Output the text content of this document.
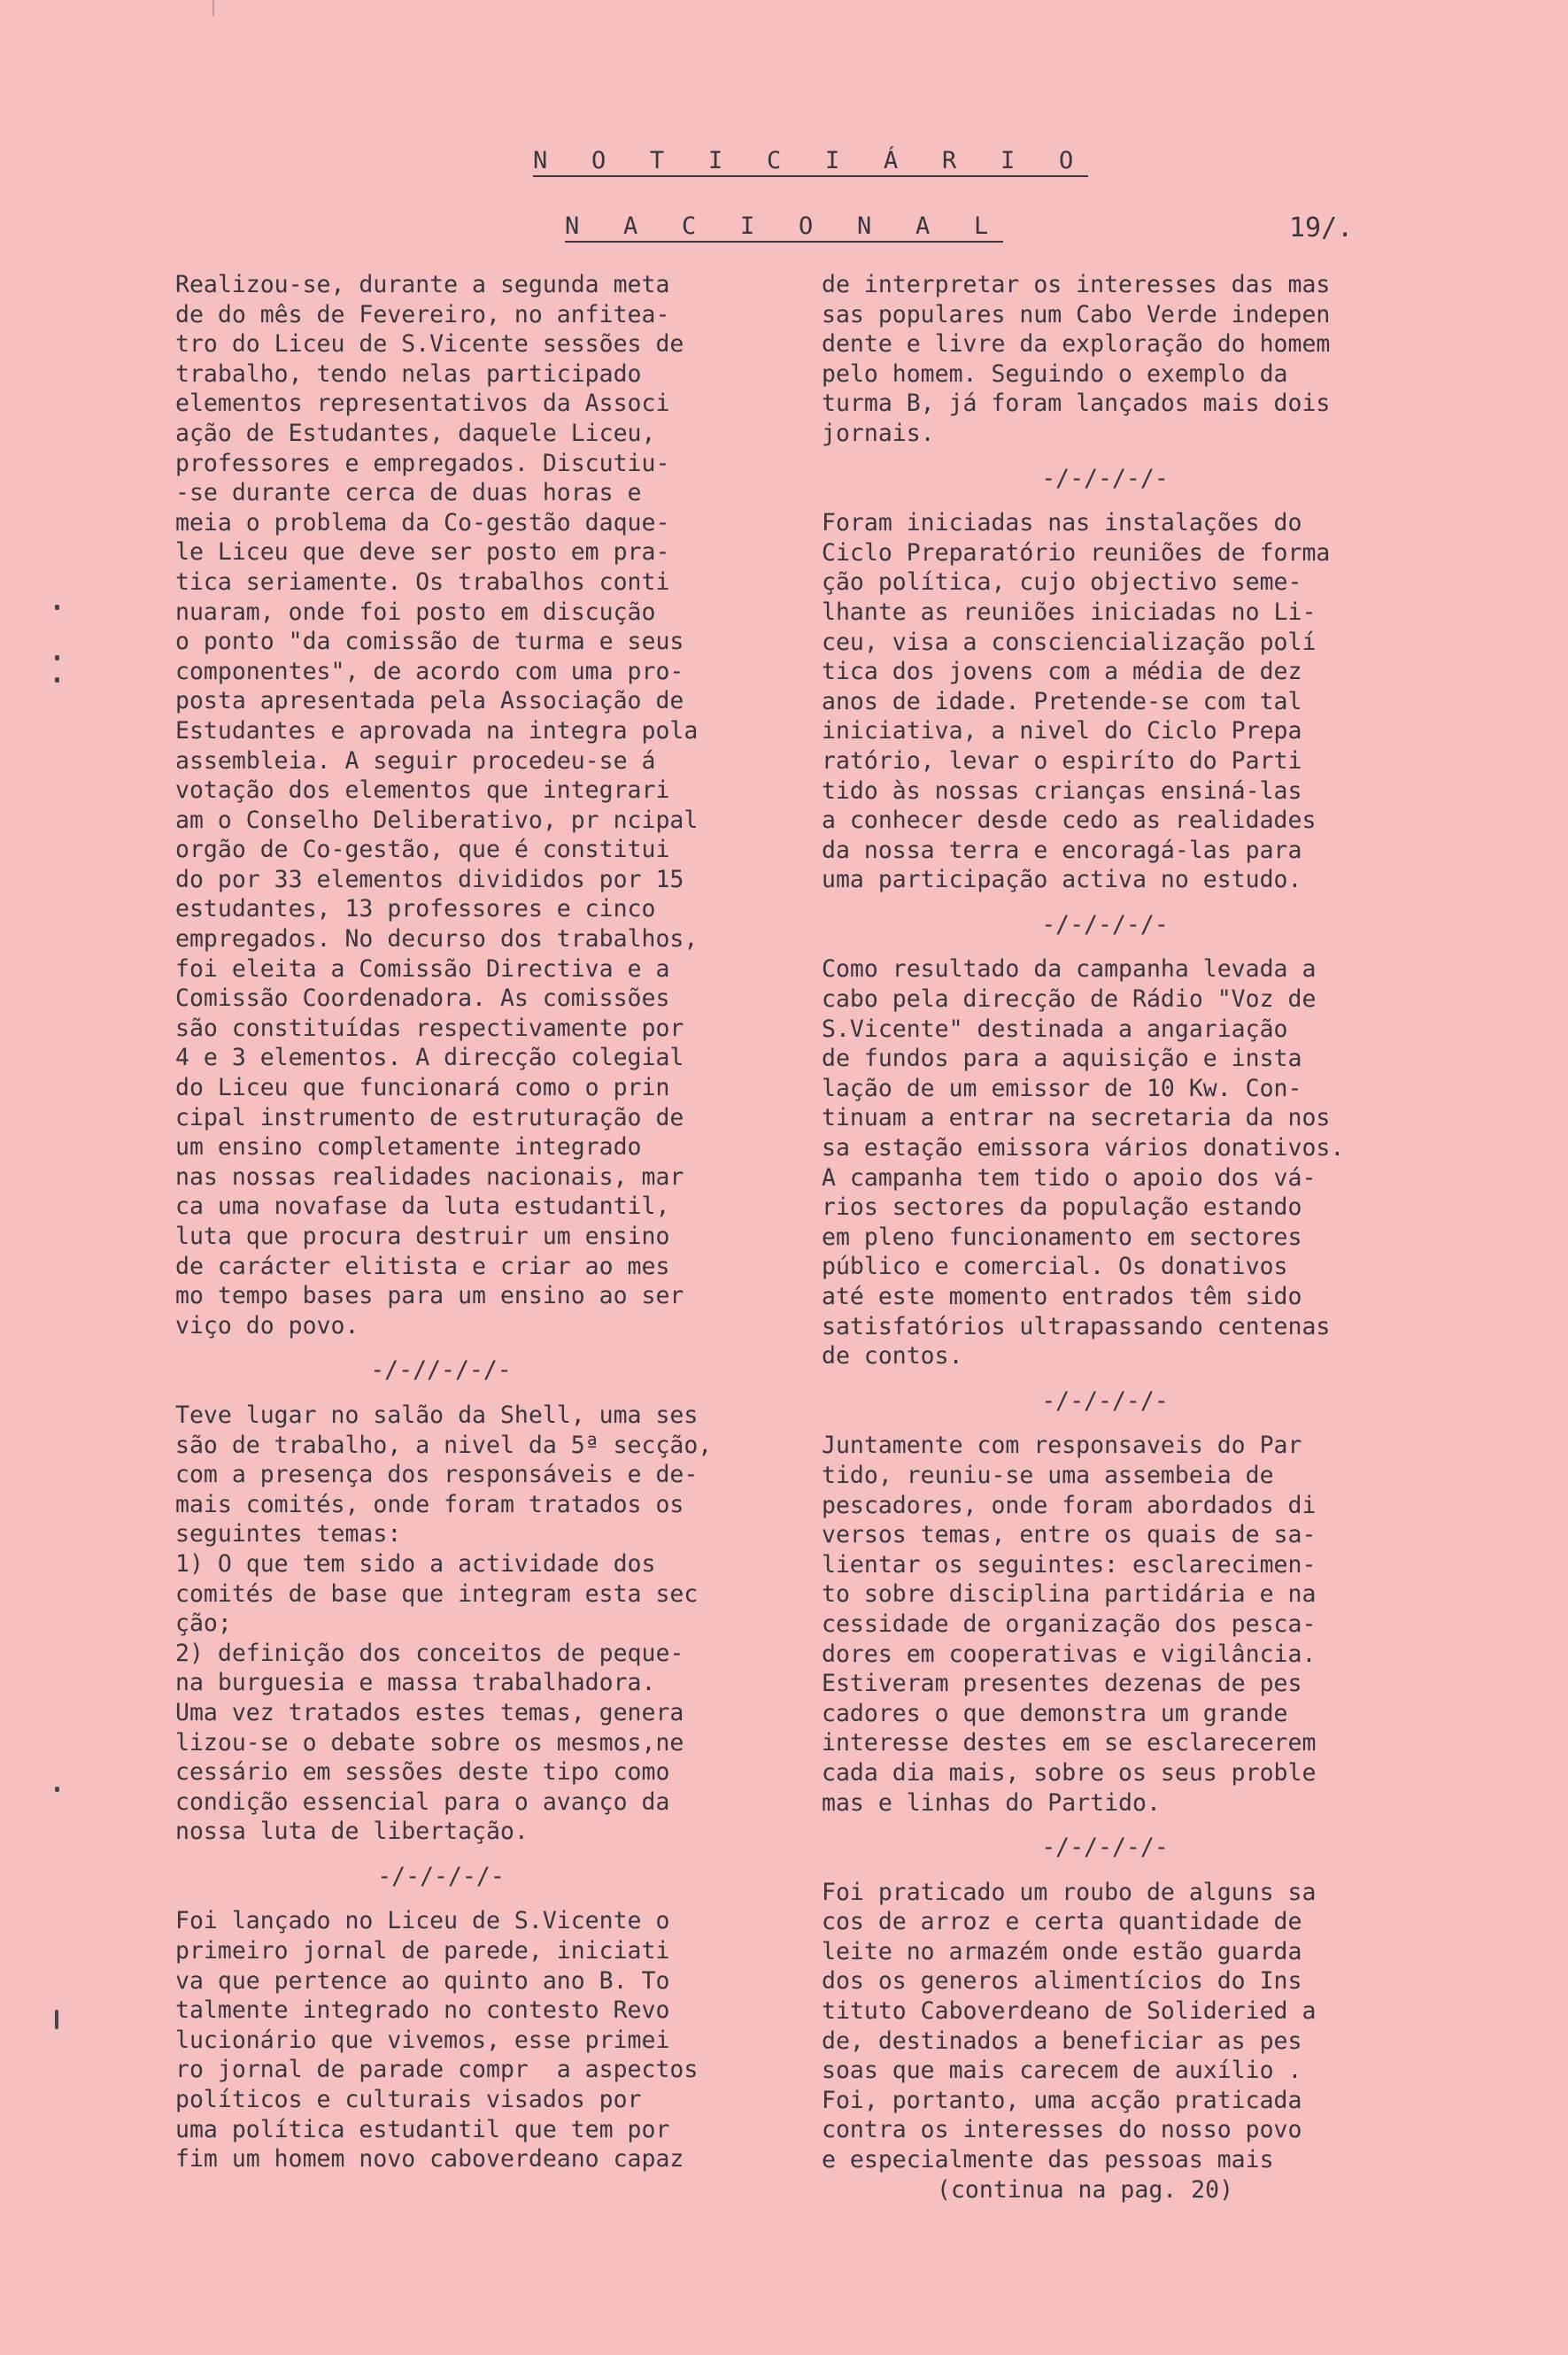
N O T I C I Á R I O
N A C I O N A L	19/.
Realizou-se, durante a segunda meta
de do mês de Fevereiro, no anfitea-
tro do Liceu de S.Vicente sessões de
trabalho, tendo nelas participado
elementos representativos da Associ
ação de Estudantes, daquele Liceu,
professores e empregados. Discutiu-
-se durante cerca de duas horas e
meia o problema da Co-gestão daque-
le Liceu que deve ser posto em pra-
tica seriamente. Os trabalhos conti
nuaram, onde foi posto em discução
o ponto "da comissão de turma e seus
componentes", de acordo com uma pro-
posta apresentada pela Associação de
Estudantes e aprovada na integra pola
assembleia. A seguir procedeu-se á
votação dos elementos que integrari
am o Conselho Deliberativo, pr ncipal
orgão de Co-gestão, que é constitui
do por 33 elementos divididos por 15
estudantes, 13 professores e cinco
empregados. No decurso dos trabalhos,
foi eleita a Comissão Directiva e a
Comissão Coordenadora. As comissões
são constituídas respectivamente por
4 e 3 elementos. A direcção colegial
do Liceu que funcionará como o prin
cipal instrumento de estruturação de
um ensino completamente integrado
nas nossas realidades nacionais, mar
ca uma novafase da luta estudantil,
luta que procura destruir um ensino
de carácter elitista e criar ao mes
mo tempo bases para um ensino ao ser
viço do povo.
-/-//-/-/-
Teve lugar no salão da Shell, uma ses
são de trabalho, a nivel da 5ª secção,
com a presença dos responsáveis e de-
mais comités, onde foram tratados os
seguintes temas:
1) O que tem sido a actividade dos
comités de base que integram esta sec
ção;
2) definição dos conceitos de peque-
na burguesia e massa trabalhadora.
Uma vez tratados estes temas, genera
lizou-se o debate sobre os mesmos,ne
cessário em sessões deste tipo como
condição essencial para o avanço da
nossa luta de libertação.
-/-/-/-/-
Foi lançado no Liceu de S.Vicente o
primeiro jornal de parede, iniciati
va que pertence ao quinto ano B. To
talmente integrado no contesto Revo
lucionário que vivemos, esse primei
ro jornal de parade compr  a aspectos
políticos e culturais visados por
uma política estudantil que tem por
fim um homem novo caboverdeano capaz
de interpretar os interesses das mas
sas populares num Cabo Verde indepen
dente e livre da exploração do homem
pelo homem. Seguindo o exemplo da
turma B, já foram lançados mais dois
jornais.
-/-/-/-/-
Foram iniciadas nas instalações do
Ciclo Preparatório reuniões de forma
ção política, cujo objectivo seme-
lhante as reuniões iniciadas no Li-
ceu, visa a consciencialização polí
tica dos jovens com a média de dez
anos de idade. Pretende-se com tal
iniciativa, a nivel do Ciclo Prepa
ratório, levar o espiríto do Parti
tido às nossas crianças ensiná-las
a conhecer desde cedo as realidades
da nossa terra e encoragá-las para
uma participação activa no estudo.
-/-/-/-/-
Como resultado da campanha levada a
cabo pela direcção de Rádio "Voz de
S.Vicente" destinada a angariação
de fundos para a aquisição e insta
lação de um emissor de 10 Kw. Con-
tinuam a entrar na secretaria da nos
sa estação emissora vários donativos.
A campanha tem tido o apoio dos vá-
rios sectores da população estando
em pleno funcionamento em sectores
público e comercial. Os donativos
até este momento entrados têm sido
satisfatórios ultrapassando centenas
de contos.
-/-/-/-/-
Juntamente com responsaveis do Par
tido, reuniu-se uma assembeia de
pescadores, onde foram abordados di
versos temas, entre os quais de sa-
lientar os seguintes: esclarecimen-
to sobre disciplina partidária e na
cessidade de organização dos pesca-
dores em cooperativas e vigilância.
Estiveram presentes dezenas de pes
cadores o que demonstra um grande
interesse destes em se esclarecerem
cada dia mais, sobre os seus proble
mas e linhas do Partido.
-/-/-/-/-
Foi praticado um roubo de alguns sa
cos de arroz e certa quantidade de
leite no armazém onde estão guarda
dos os generos alimentícios do Ins
tituto Caboverdeano de Solideried a
de, destinados a beneficiar as pes
soas que mais carecem de auxílio .
Foi, portanto, uma acção praticada
contra os interesses do nosso povo
e especialmente das pessoas mais
(continua na pag. 20)
